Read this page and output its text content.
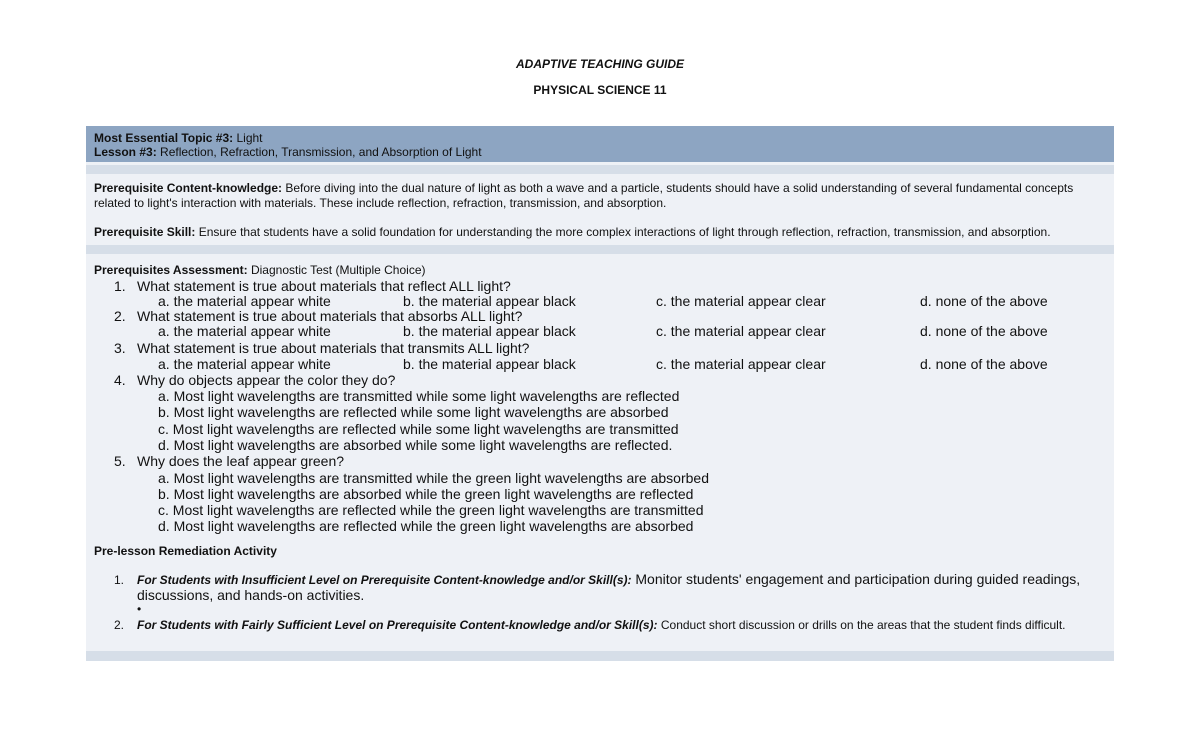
ADAPTIVE TEACHING GUIDE
PHYSICAL SCIENCE 11
Most Essential Topic #3: Light
Lesson #3: Reflection, Refraction, Transmission, and Absorption of Light
Prerequisite Content-knowledge: Before diving into the dual nature of light as both a wave and a particle, students should have a solid understanding of several fundamental concepts related to light's interaction with materials. These include reflection, refraction, transmission, and absorption.
Prerequisite Skill: Ensure that students have a solid foundation for understanding the more complex interactions of light through reflection, refraction, transmission, and absorption.
Prerequisites Assessment: Diagnostic Test (Multiple Choice)
1. What statement is true about materials that reflect ALL light?
a. the material appear white	b. the material appear black	c. the material appear clear	d. none of the above
2. What statement is true about materials that absorbs ALL light?
a. the material appear white	b. the material appear black	c. the material appear clear	d. none of the above
3. What statement is true about materials that transmits ALL light?
a. the material appear white	b. the material appear black	c. the material appear clear	d. none of the above
4. Why do objects appear the color they do?
a. Most light wavelengths are transmitted while some light wavelengths are reflected
b. Most light wavelengths are reflected while some light wavelengths are absorbed
c. Most light wavelengths are reflected while some light wavelengths are transmitted
d. Most light wavelengths are absorbed while some light wavelengths are reflected.
5. Why does the leaf appear green?
a. Most light wavelengths are transmitted while the green light wavelengths are absorbed
b. Most light wavelengths are absorbed while the green light wavelengths are reflected
c. Most light wavelengths are reflected while the green light wavelengths are transmitted
d. Most light wavelengths are reflected while the green light wavelengths are absorbed
Pre-lesson Remediation Activity
1. For Students with Insufficient Level on Prerequisite Content-knowledge and/or Skill(s): Monitor students' engagement and participation during guided readings,
discussions, and hands-on activities.
•
2. For Students with Fairly Sufficient Level on Prerequisite Content-knowledge and/or Skill(s): Conduct short discussion or drills on the areas that the student finds difficult.
